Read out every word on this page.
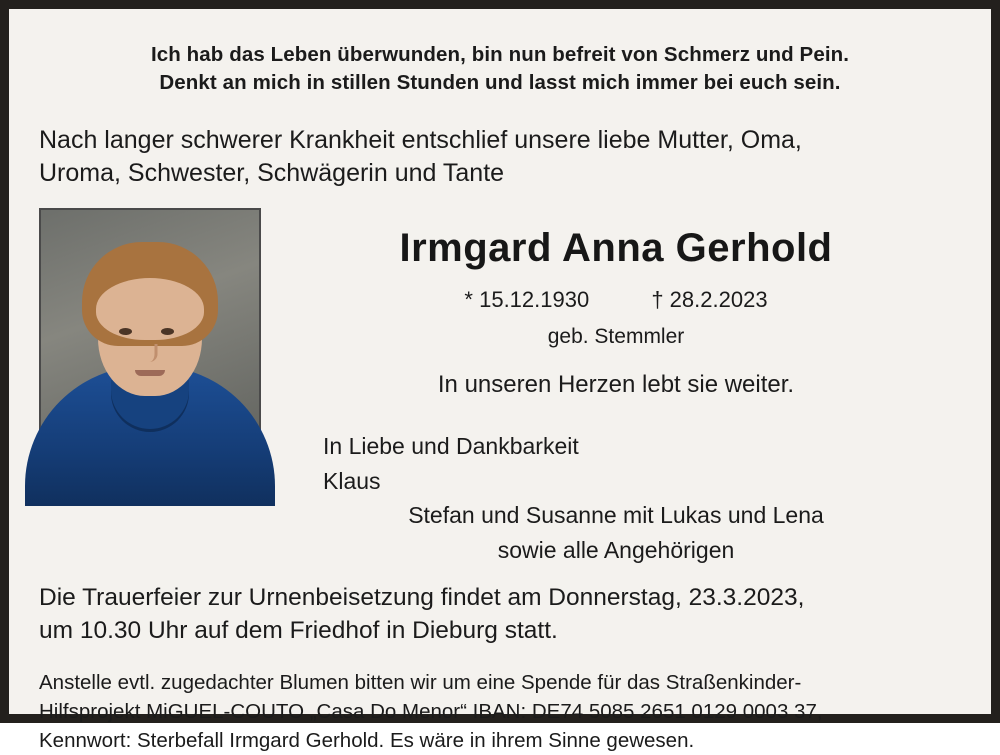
Ich hab das Leben überwunden, bin nun befreit von Schmerz und Pein.
Denkt an mich in stillen Stunden und lasst mich immer bei euch sein.
Nach langer schwerer Krankheit entschlief unsere liebe Mutter, Oma,
Uroma, Schwester, Schwägerin und Tante
Irmgard Anna Gerhold
* 15.12.1930	† 28.2.2023
geb. Stemmler
In unseren Herzen lebt sie weiter.
In Liebe und Dankbarkeit
Klaus
Stefan und Susanne mit Lukas und Lena
sowie alle Angehörigen
Die Trauerfeier zur Urnenbeisetzung findet am Donnerstag, 23.3.2023,
um 10.30 Uhr auf dem Friedhof in Dieburg statt.
Anstelle evtl. zugedachter Blumen bitten wir um eine Spende für das Straßenkinder-
Hilfsprojekt MiGUEL-COUTO „Casa Do Menor“ IBAN: DE74 5085 2651 0129 0003 37,
Kennwort: Sterbefall Irmgard Gerhold. Es wäre in ihrem Sinne gewesen.
